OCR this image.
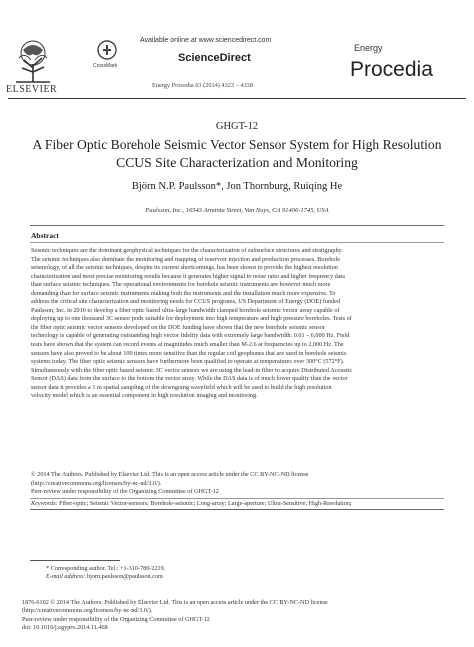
ELSEVIER
CrossMark
Available online at www.sciencedirect.com
ScienceDirect
Energy Procedia 63 (2014) 4323 – 4338
Energy
Procedia
GHGT-12
A Fiber Optic Borehole Seismic Vector Sensor System for High Resolution CCUS Site Characterization and Monitoring
Björn N.P. Paulsson*, Jon Thornburg, Ruiqing He
Paulsson, Inc., 16543 Arminta Street, Van Nuys, CA 91406-1745, USA
Abstract

Seismic techniques are the dominant geophysical techniques for the characterization of subsurface structures and stratigraphy.

The seismic techniques also dominate the monitoring and mapping of reservoir injection and production processes. Borehole

seismology, of all the seismic techniques, despite its current shortcomings, has been shown to provide the highest resolution

characterization and most precise monitoring results because it generates higher signal to noise ratio and higher frequency data

than surface seismic techniques. The operational environments for borehole seismic instruments are however much more

demanding than for surface seismic instruments making both the instruments and the installation much more expensive. To

address the critical site characterization and monitoring needs for CCUS programs, US Department of Energy (DOE) funded

Paulsson, Inc. in 2010 to develop a fiber optic based ultra-large bandwidth clamped borehole seismic vector array capable of

deploying up to one thousand 3C sensor pods suitable for deployment into high temperature and high pressure boreholes. Tests of

the fiber optic seismic vector sensors developed on the DOE funding have shown that the new borehole seismic sensor

technology is capable of generating outstanding high vector fidelity data with extremely large bandwidth: 0.01 – 6,000 Hz. Field

tests have shown that the system can record events at magnitudes much smaller than M-2.6 at frequencies up to 2,000 Hz. The

sensors have also proved to be about 100 times more sensitive than the regular coil geophones that are used in borehole seismic

systems today. The fiber optic seismic sensors have furthermore been qualified to operate at temperatures over 300°C (572°F).

Simultaneously with the fiber optic based seismic 3C vector sensors we are using the lead-in fiber to acquire Distributed Acoustic

Sensor (DAS) data from the surface to the bottom the vector array. While the DAS data is of much lower quality than the vector

sensor data it provides a 1 m spatial sampling of the downgoing wavefield which will be used to build the high resolution

velocity model which is an essential component in high resolution imaging and monitoring.

© 2014 The Authors. Published by Elsevier Ltd. This is an open access article under the CC BY-NC-ND license

(http://creativecommons.org/licenses/by-nc-nd/3.0/).

Peer-review under responsibility of the Organizing Committee of GHGT-12

Keywords: Fiber-optic; Seismic Vector-sensors; Borehole-seismic; Long-array; Large-aperture; Ultra-Sensitive; High-Resolution;
* Corresponding author. Tel.: +1-310-780-2219.
E-mail address: bjorn.paulsson@paulsson.com

1876-6102 © 2014 The Authors. Published by Elsevier Ltd. This is an open access article under the CC BY-NC-ND license

(http://creativecommons.org/licenses/by-nc-nd/3.0/).

Peer-review under responsibility of the Organizing Committee of GHGT-12

doi: 10.1016/j.egypro.2014.11.468
